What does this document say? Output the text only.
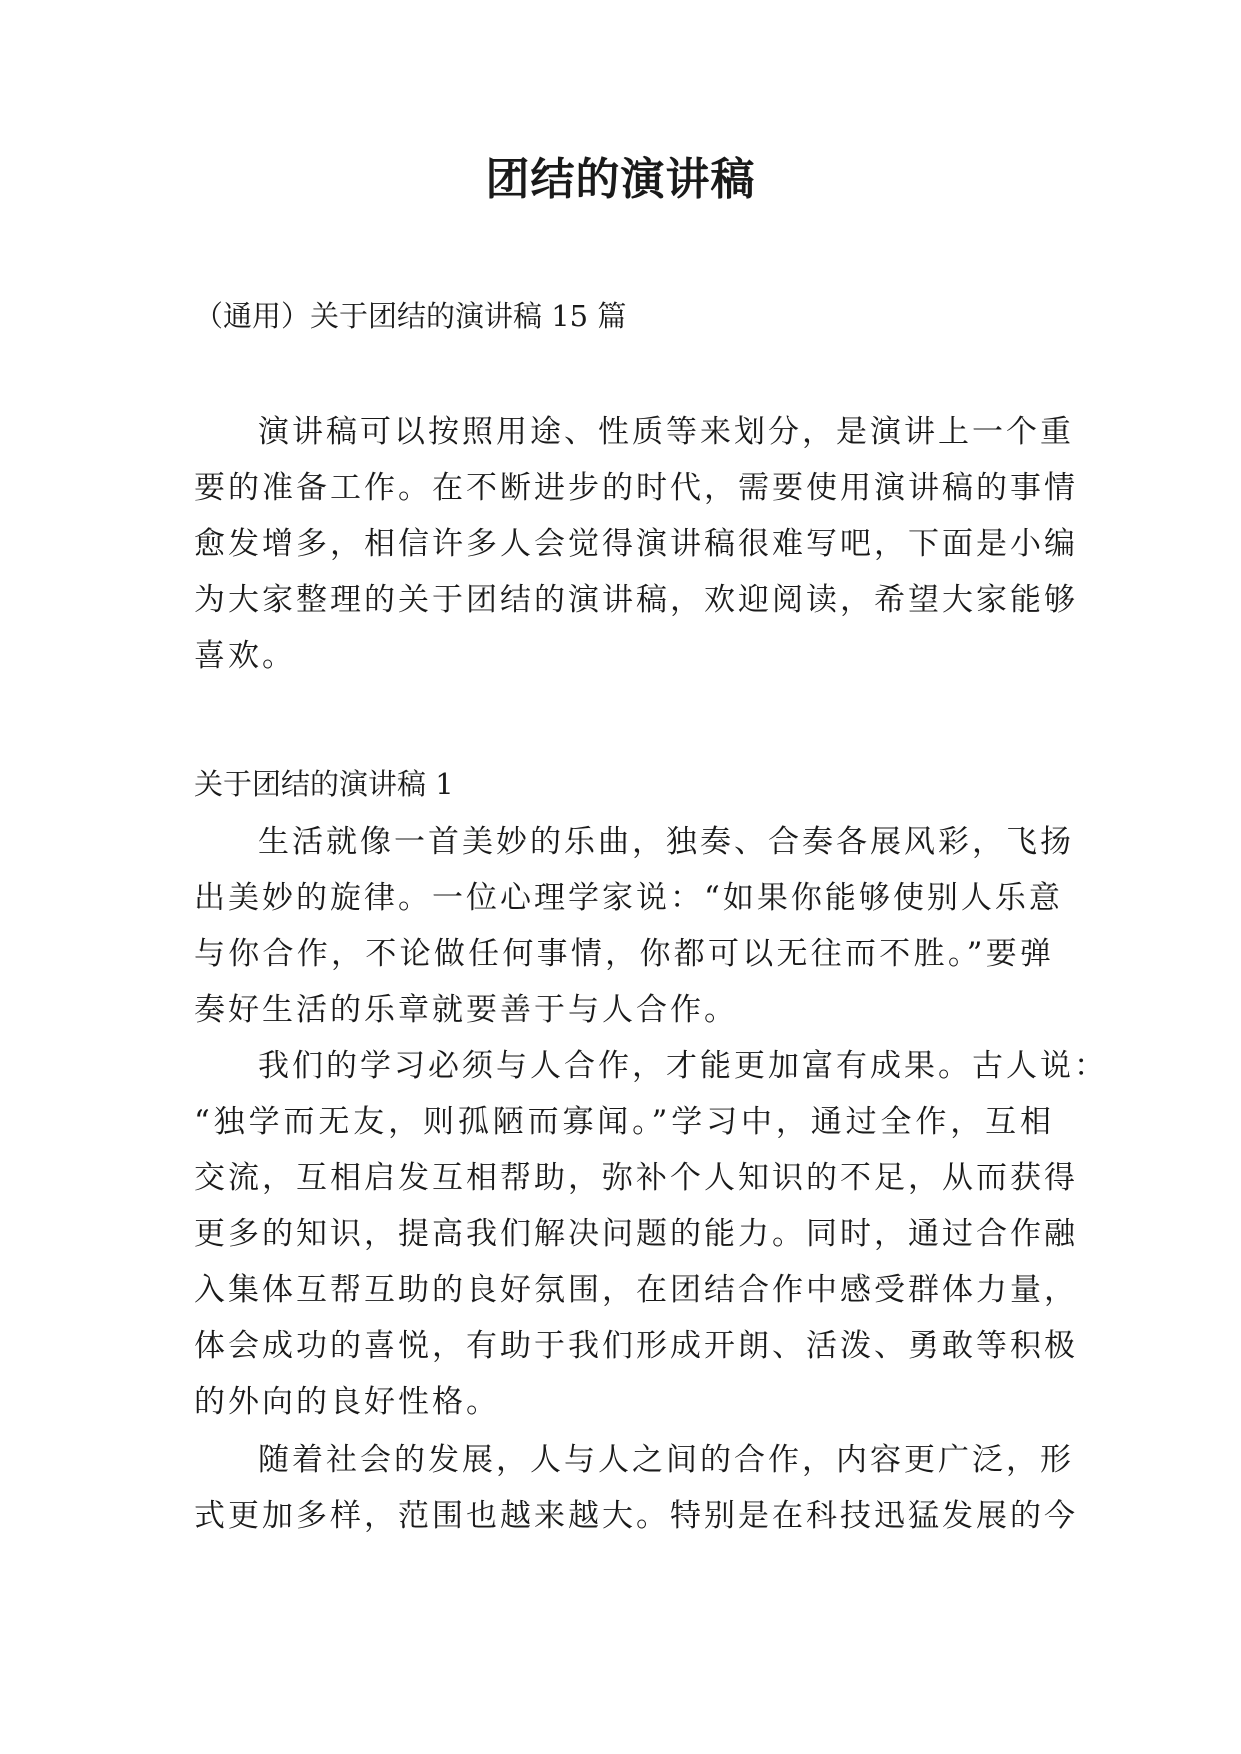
团结的演讲稿

（通用）关于团结的演讲稿 15 篇

演讲稿可以按照用途、性质等来划分，是演讲上一个重

要的准备工作。在不断进步的时代，需要使用演讲稿的事情

愈发增多，相信许多人会觉得演讲稿很难写吧，下面是小编

为大家整理的关于团结的演讲稿，欢迎阅读，希望大家能够

喜欢。

关于团结的演讲稿 1

生活就像一首美妙的乐曲，独奏、合奏各展风彩，飞扬

出美妙的旋律。一位心理学家说：“如果你能够使别人乐意

与你合作，不论做任何事情，你都可以无往而不胜。”要弹

奏好生活的乐章就要善于与人合作。

我们的学习必须与人合作，才能更加富有成果。古人说：

“独学而无友，则孤陋而寡闻。”学习中，通过全作，互相

交流，互相启发互相帮助，弥补个人知识的不足，从而获得

更多的知识，提高我们解决问题的能力。同时，通过合作融

入集体互帮互助的良好氛围，在团结合作中感受群体力量，

体会成功的喜悦，有助于我们形成开朗、活泼、勇敢等积极

的外向的良好性格。

随着社会的发展，人与人之间的合作，内容更广泛，形

式更加多样，范围也越来越大。特别是在科技迅猛发展的今
